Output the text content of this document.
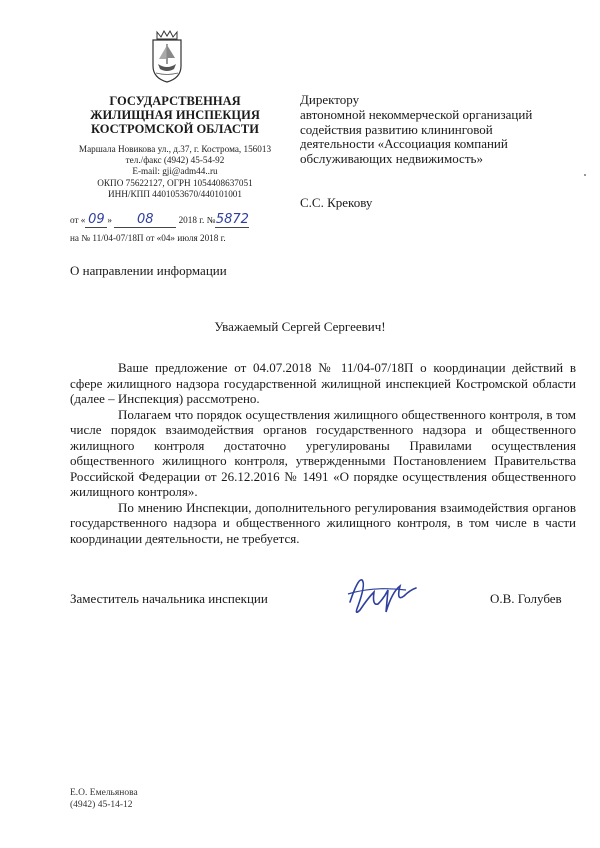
ГОСУДАРСТВЕННАЯ
ЖИЛИЩНАЯ ИНСПЕКЦИЯ
КОСТРОМСКОЙ ОБЛАСТИ
Маршала Новикова ул., д.37, г. Кострома, 156013
тел./факс (4942) 45-54-92
E-mail: gji@adm44..ru
ОКПО 75622127, ОГРН 1054408637051
ИНН/КПП 4401053670/440101001
от « 09 » 08	2018 г. №5872
на № 11/04-07/18П от «04» июля 2018 г.
Директору
автономной некоммерческой организаций
содействия развитию клининговой
деятельности «Ассоциация компаний
обслуживающих недвижимость»
С.С. Крекову
О направлении информации
Уважаемый Сергей Сергеевич!

Ваше предложение от 04.07.2018 № 11/04-07/18П о координации действий в сфере жилищного надзора государственной жилищной инспекцией Костромской области (далее – Инспекция) рассмотрено.

Полагаем что порядок осуществления жилищного общественного контроля, в том числе порядок взаимодействия органов государственного надзора и общественного жилищного контроля достаточно урегулированы Правилами осуществления общественного жилищного контроля, утвержденными Постановлением Правительства Российской Федерации от 26.12.2016 № 1491 «О порядке осуществления общественного жилищного контроля».

По мнению Инспекции, дополнительного регулирования взаимодействия органов государственного надзора и общественного жилищного контроля, в том числе в части координации деятельности, не требуется.

Заместитель начальника инспекции	О.В. Голубев
Е.О. Емельянова
(4942) 45-14-12
